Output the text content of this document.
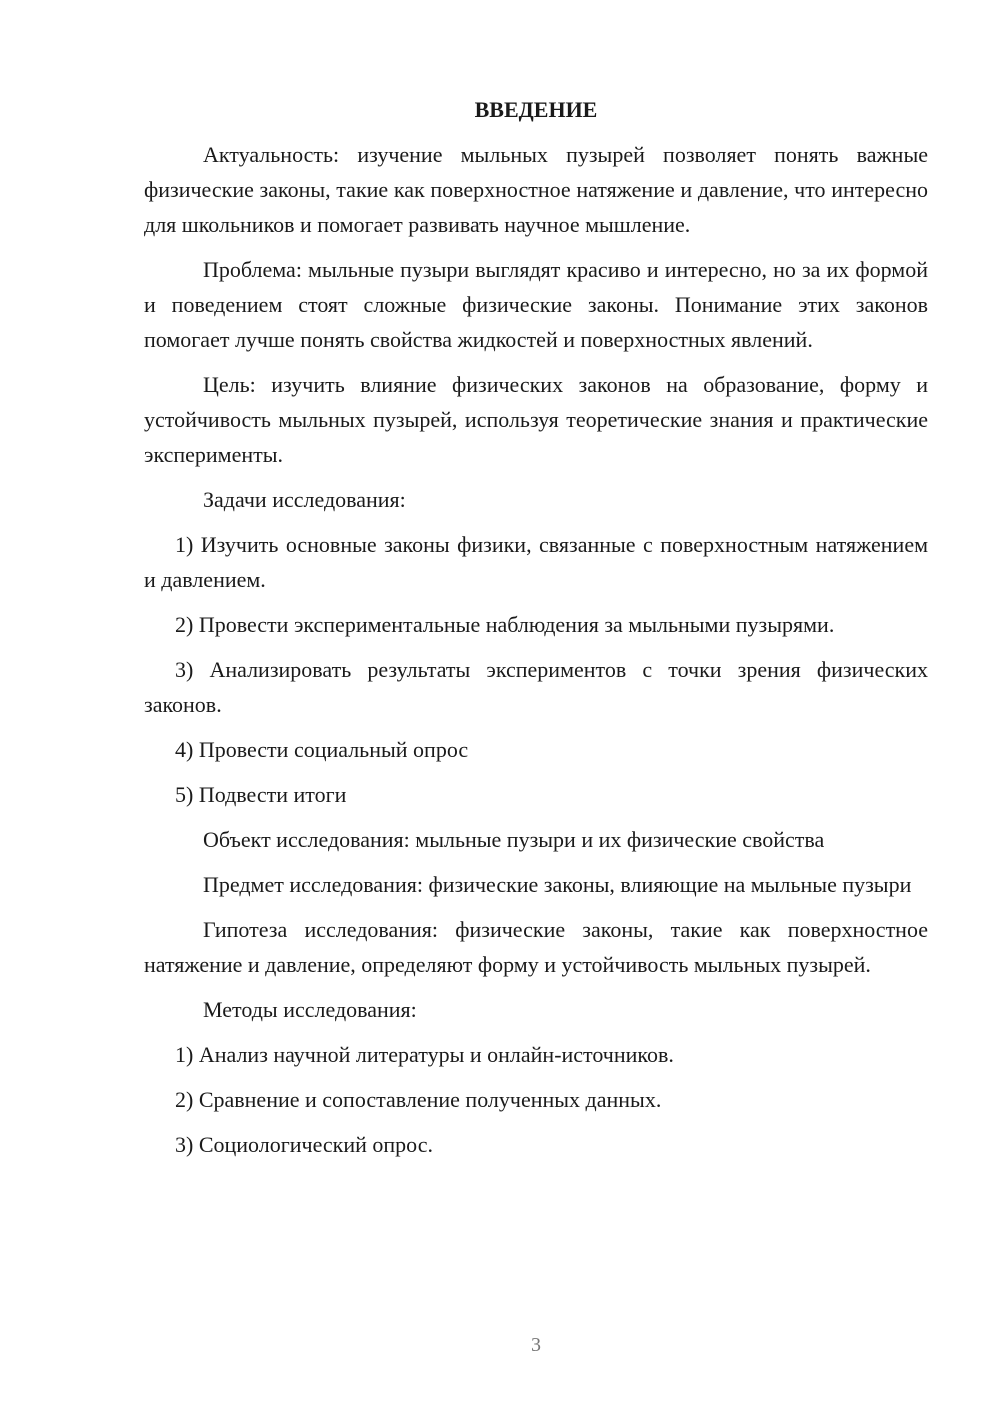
ВВЕДЕНИЕ

Актуальность: изучение мыльных пузырей позволяет понять важные физические законы, такие как поверхностное натяжение и давление, что интересно для школьников и помогает развивать научное мышление.

Проблема: мыльные пузыри выглядят красиво и интересно, но за их формой и поведением стоят сложные физические законы. Понимание этих законов помогает лучше понять свойства жидкостей и поверхностных явлений.

Цель: изучить влияние физических законов на образование, форму и устойчивость мыльных пузырей, используя теоретические знания и практические эксперименты.

Задачи исследования:

1) Изучить основные законы физики, связанные с поверхностным натяжением и давлением.

2) Провести экспериментальные наблюдения за мыльными пузырями.

3) Анализировать результаты экспериментов с точки зрения физических законов.

4) Провести социальный опрос

5) Подвести итоги

Объект исследования: мыльные пузыри и их физические свойства

Предмет исследования: физические законы, влияющие на мыльные пузыри

Гипотеза исследования: физические законы, такие как поверхностное натяжение и давление, определяют форму и устойчивость мыльных пузырей.

Методы исследования:

1) Анализ научной литературы и онлайн-источников.

2) Сравнение и сопоставление полученных данных.

3) Социологический опрос.

3
